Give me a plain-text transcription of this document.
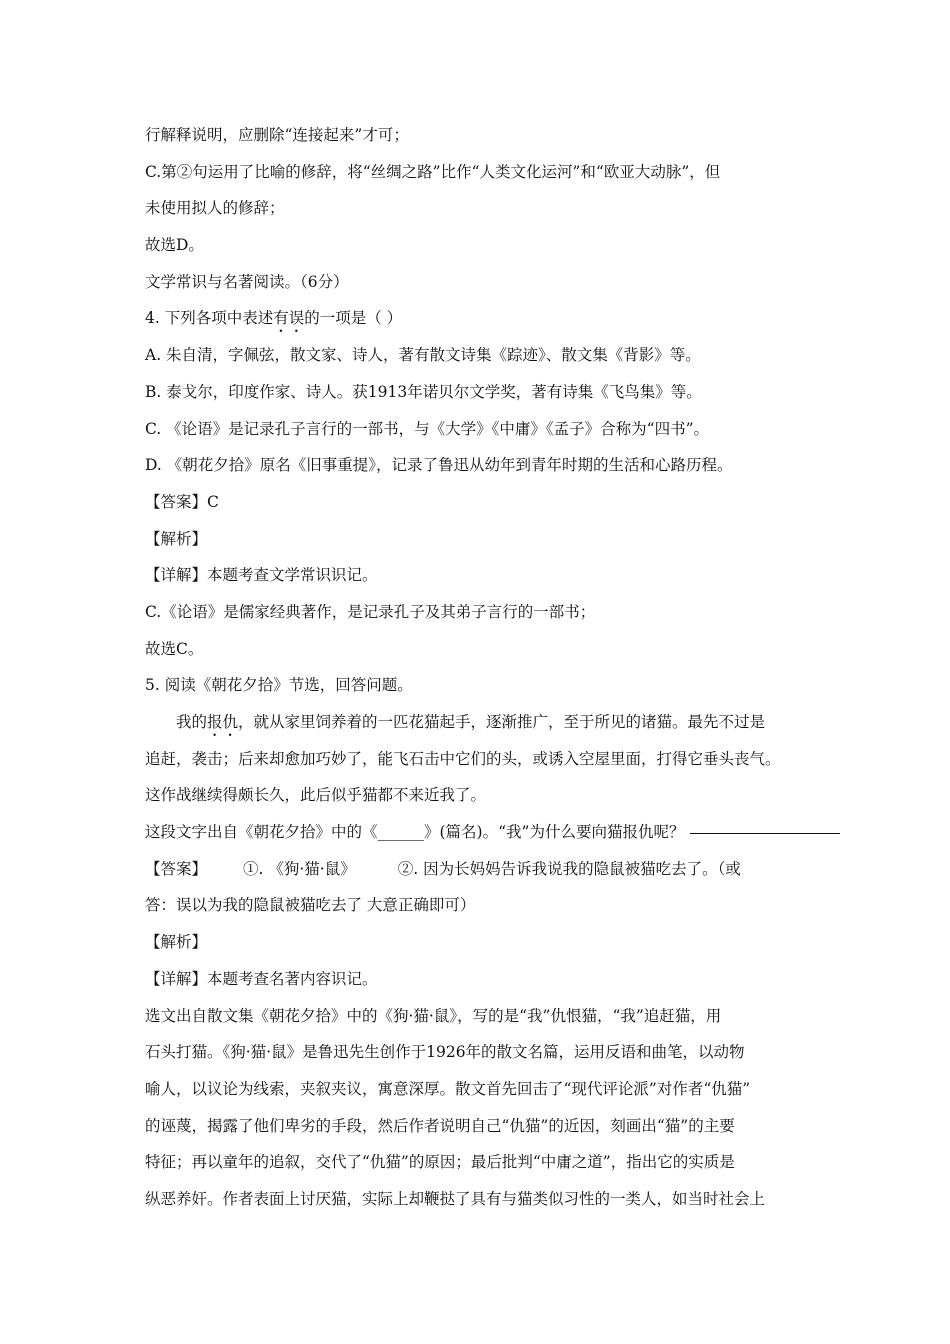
行解释说明，应删除“连接起来”才可；
C.第②句运用了比喻的修辞，将“丝绸之路”比作“人类文化运河”和“欧亚大动脉”，但
未使用拟人的修辞；
故选D。
文学常识与名著阅读。（6分）
4. 下列各项中表述有误的一项是（ ）
A. 朱自清，字佩弦，散文家、诗人，著有散文诗集《踪迹》、散文集《背影》等。
B. 泰戈尔，印度作家、诗人。获1913年诺贝尔文学奖，著有诗集《飞鸟集》等。
C. 《论语》是记录孔子言行的一部书，与《大学》《中庸》《孟子》合称为“四书”。
D. 《朝花夕拾》原名《旧事重提》，记录了鲁迅从幼年到青年时期的生活和心路历程。
【答案】C
【解析】
【详解】本题考查文学常识识记。
C.《论语》是儒家经典著作，是记录孔子及其弟子言行的一部书；
故选C。
5. 阅读《朝花夕拾》节选，回答问题。
我的报仇，就从家里饲养着的一匹花猫起手，逐渐推广，至于所见的诸猫。最先不过是
追赶，袭击；后来却愈加巧妙了，能飞石击中它们的头，或诱入空屋里面，打得它垂头丧气。
这作战继续得颇长久，此后似乎猫都不来近我了。
这段文字出自《朝花夕拾》中的《______》(篇名)。“我”为什么要向猫报仇呢？
【答案】 ①. 《狗·猫·鼠》	②. 因为长妈妈告诉我说我的隐鼠被猫吃去了。（或
答：误以为我的隐鼠被猫吃去了 大意正确即可）
【解析】
【详解】本题考查名著内容识记。
选文出自散文集《朝花夕拾》中的《狗·猫·鼠》，写的是“我”仇恨猫，“我”追赶猫，用
石头打猫。《狗·猫·鼠》是鲁迅先生创作于1926年的散文名篇，运用反语和曲笔，以动物
喻人，以议论为线索，夹叙夹议，寓意深厚。散文首先回击了“现代评论派”对作者“仇猫”
的诬蔑，揭露了他们卑劣的手段，然后作者说明自己“仇猫”的近因，刻画出“猫”的主要
特征；再以童年的追叙，交代了“仇猫”的原因；最后批判“中庸之道”，指出它的实质是
纵恶养奸。作者表面上讨厌猫，实际上却鞭挞了具有与猫类似习性的一类人，如当时社会上
